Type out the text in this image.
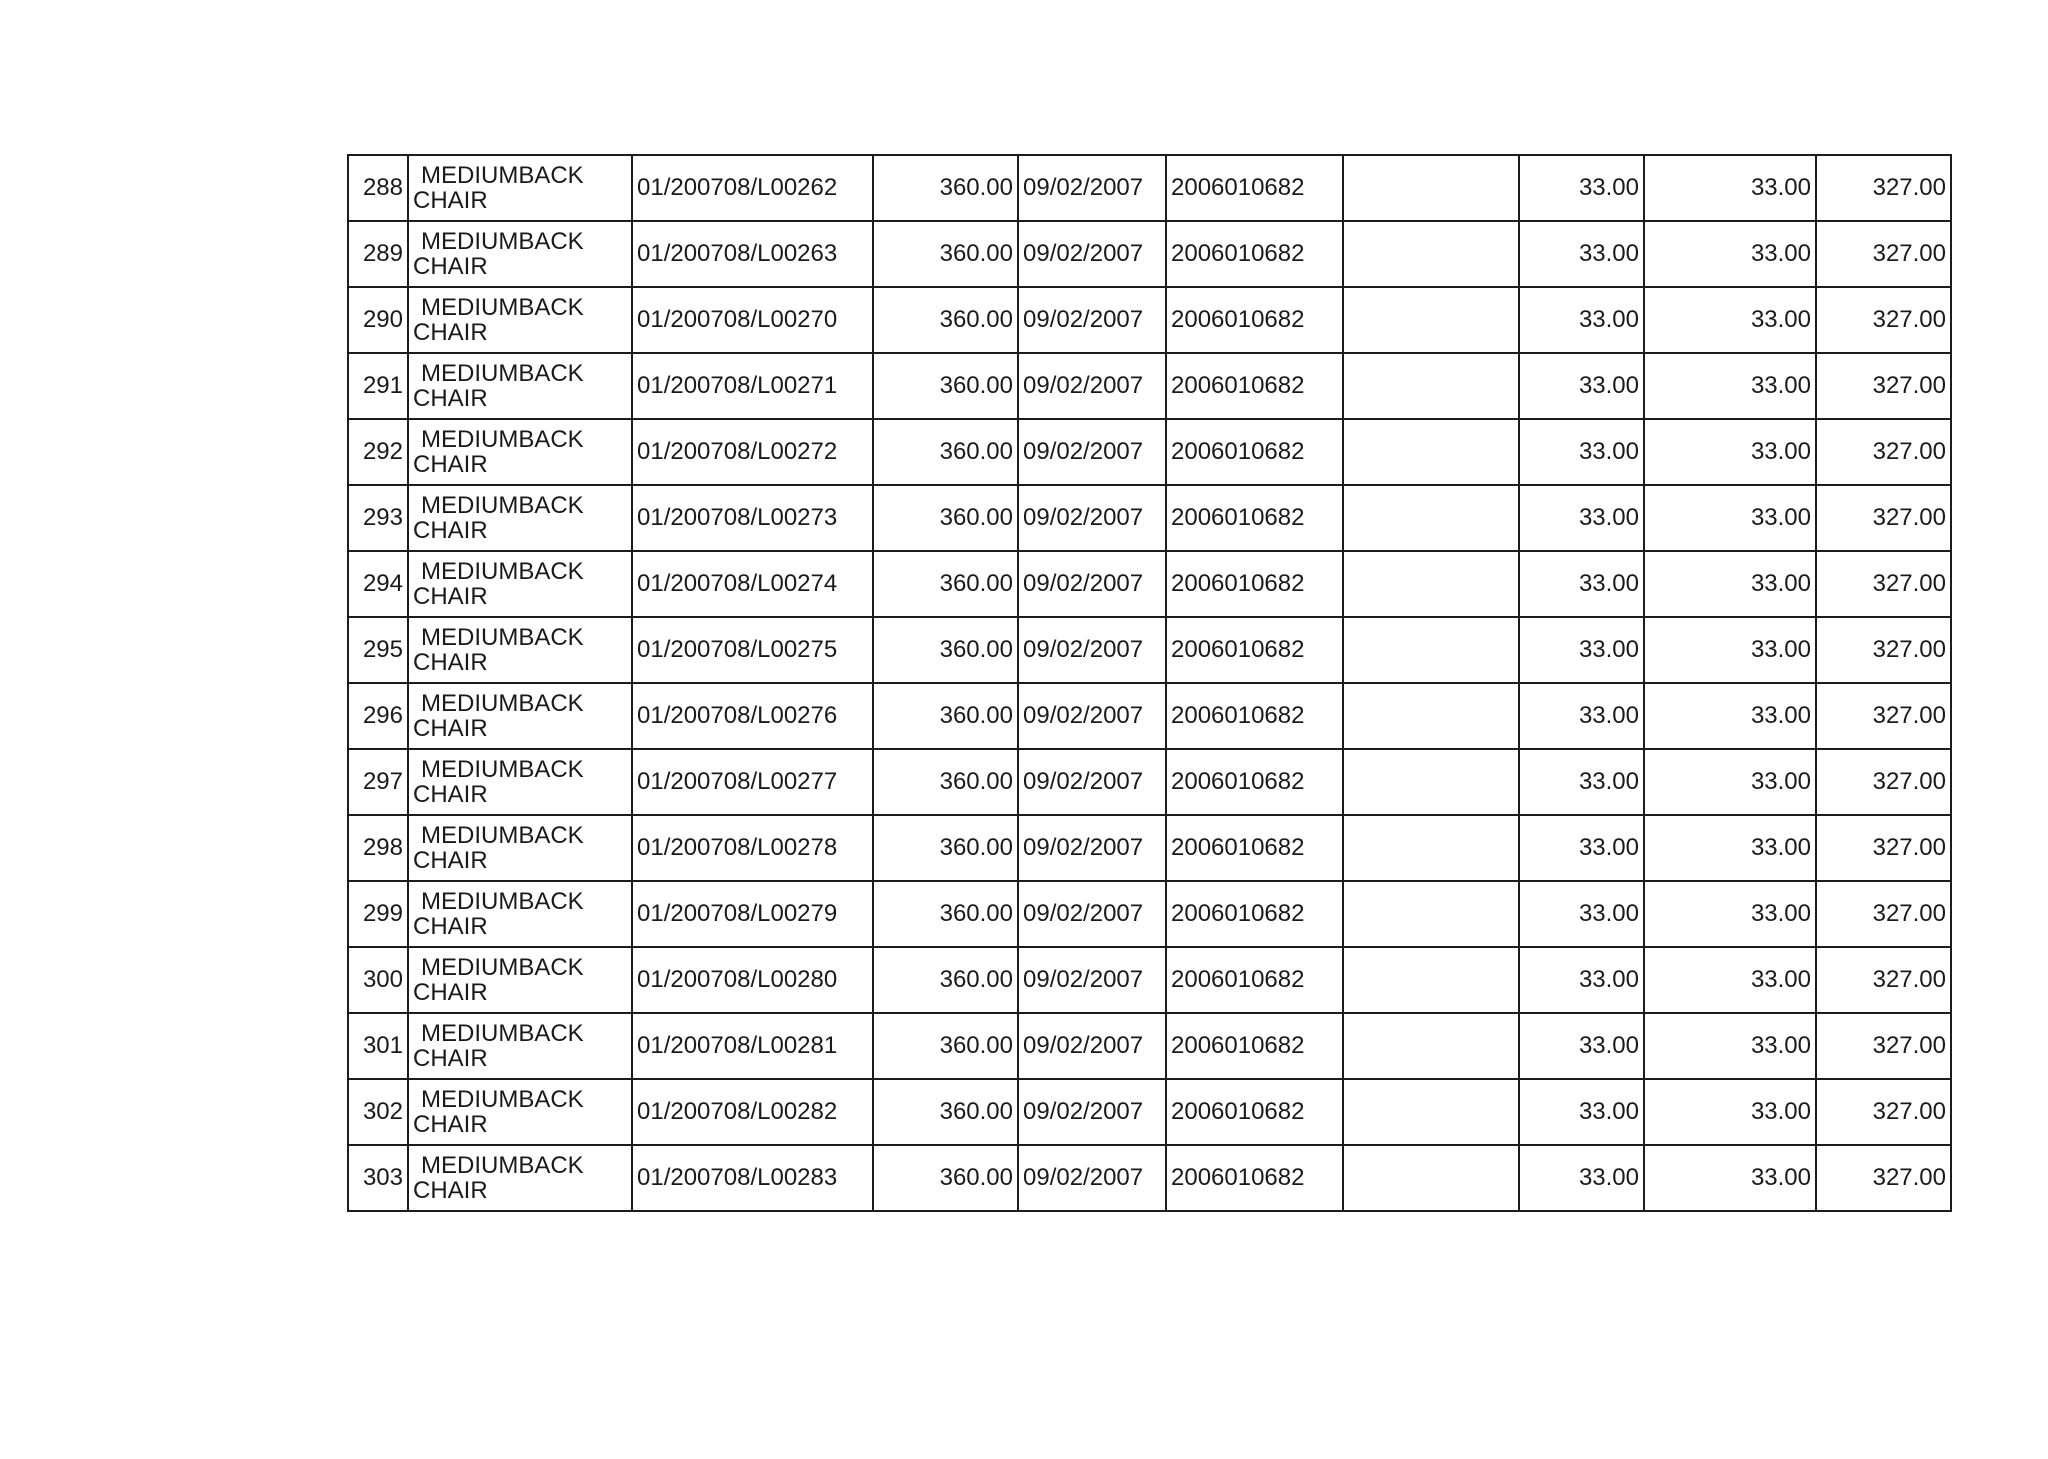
288	MEDIUMBACK
CHAIR	01/200708/L00262	360.00	09/02/2007	2006010682		33.00	33.00	327.00
289	MEDIUMBACK
CHAIR	01/200708/L00263	360.00	09/02/2007	2006010682		33.00	33.00	327.00
290	MEDIUMBACK
CHAIR	01/200708/L00270	360.00	09/02/2007	2006010682		33.00	33.00	327.00
291	MEDIUMBACK
CHAIR	01/200708/L00271	360.00	09/02/2007	2006010682		33.00	33.00	327.00
292	MEDIUMBACK
CHAIR	01/200708/L00272	360.00	09/02/2007	2006010682		33.00	33.00	327.00
293	MEDIUMBACK
CHAIR	01/200708/L00273	360.00	09/02/2007	2006010682		33.00	33.00	327.00
294	MEDIUMBACK
CHAIR	01/200708/L00274	360.00	09/02/2007	2006010682		33.00	33.00	327.00
295	MEDIUMBACK
CHAIR	01/200708/L00275	360.00	09/02/2007	2006010682		33.00	33.00	327.00
296	MEDIUMBACK
CHAIR	01/200708/L00276	360.00	09/02/2007	2006010682		33.00	33.00	327.00
297	MEDIUMBACK
CHAIR	01/200708/L00277	360.00	09/02/2007	2006010682		33.00	33.00	327.00
298	MEDIUMBACK
CHAIR	01/200708/L00278	360.00	09/02/2007	2006010682		33.00	33.00	327.00
299	MEDIUMBACK
CHAIR	01/200708/L00279	360.00	09/02/2007	2006010682		33.00	33.00	327.00
300	MEDIUMBACK
CHAIR	01/200708/L00280	360.00	09/02/2007	2006010682		33.00	33.00	327.00
301	MEDIUMBACK
CHAIR	01/200708/L00281	360.00	09/02/2007	2006010682		33.00	33.00	327.00
302	MEDIUMBACK
CHAIR	01/200708/L00282	360.00	09/02/2007	2006010682		33.00	33.00	327.00
303	MEDIUMBACK
CHAIR	01/200708/L00283	360.00	09/02/2007	2006010682		33.00	33.00	327.00
